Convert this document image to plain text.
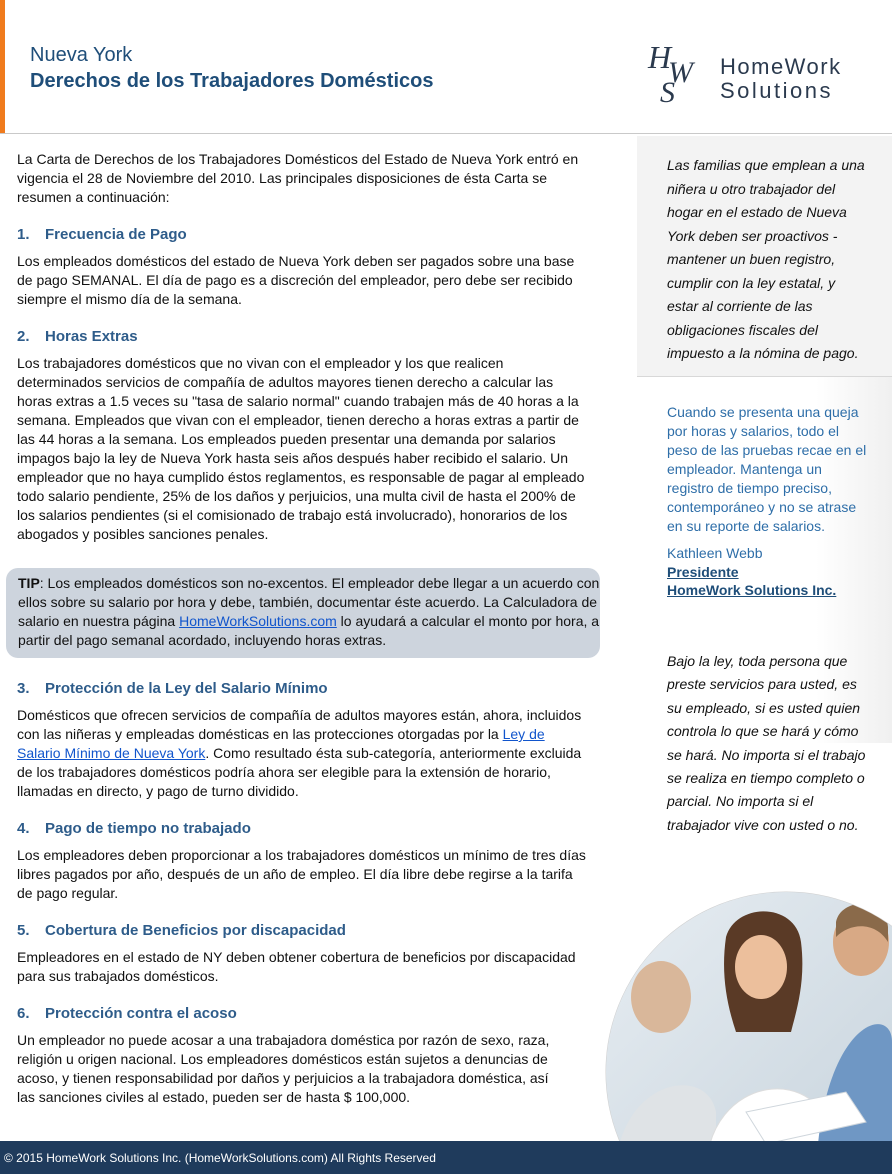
Nueva York
Derechos de los Trabajadores Domésticos
H
W
S
HomeWork
Solutions

La Carta de Derechos de los Trabajadores Domésticos del Estado de Nueva York entró en vigencia el 28 de Noviembre del 2010. Las principales disposiciones de ésta Carta se resumen a continuación:

1. Frecuencia de Pago

Los empleados domésticos del estado de Nueva York deben ser pagados sobre una base de pago SEMANAL. El día de pago es a discreción del empleador, pero debe ser recibido siempre el mismo día de la semana.

2. Horas Extras

Los trabajadores domésticos que no vivan con el empleador y los que realicen determinados servicios de compañía de adultos mayores tienen derecho a calcular las horas extras a 1.5 veces su "tasa de salario normal" cuando trabajen más de 40 horas a la semana. Empleados que vivan con el empleador, tienen derecho a horas extras a partir de las 44 horas a la semana. Los empleados pueden presentar una demanda por salarios impagos bajo la ley de Nueva York hasta seis años después haber recibido el salario. Un empleador que no haya cumplido éstos reglamentos, es responsable de pagar al empleado todo salario pendiente, 25% de los daños y perjuicios, una multa civil de hasta el 200% de los salarios pendientes (si el comisionado de trabajo está involucrado), honorarios de los abogados y posibles sanciones penales.

3. Protección de la Ley del Salario Mínimo

Domésticos que ofrecen servicios de compañía de adultos mayores están, ahora, incluidos con las niñeras y empleadas domésticas en las protecciones otorgadas por la Ley de Salario Mínimo de Nueva York. Como resultado ésta sub-categoría, anteriormente excluida de los trabajadores domésticos podría ahora ser elegible para la extensión de horario, llamadas en directo, y pago de turno dividido.

4. Pago de tiempo no trabajado

Los empleadores deben proporcionar a los trabajadores domésticos un mínimo de tres días libres pagados por año, después de un año de empleo. El día libre debe regirse a la tarifa de pago regular.

5. Cobertura de Beneficios por discapacidad

Empleadores en el estado de NY deben obtener cobertura de beneficios por discapacidad para sus trabajados domésticos.

6. Protección contra el acoso

Un empleador no puede acosar a una trabajadora doméstica por razón de sexo, raza, religión u origen nacional. Los empleadores domésticos están sujetos a denuncias de acoso, y tienen responsabilidad por daños y perjuicios a la trabajadora doméstica, así las sanciones civiles al estado, pueden ser de hasta $ 100,000.

TIP: Los empleados domésticos son no-excentos. El empleador debe llegar a un acuerdo con ellos sobre su salario por hora y debe, también, documentar éste acuerdo. La Calculadora de salario en nuestra página HomeWorkSolutions.com lo ayudará a calcular el monto por hora, a partir del pago semanal acordado, incluyendo horas extras.
Las familias que emplean a una niñera u otro trabajador del hogar en el estado de Nueva York deben ser proactivos - mantener un buen registro, cumplir con la ley estatal, y estar al corriente de las obligaciones fiscales del impuesto a la nómina de pago.
Cuando se presenta una queja por horas y salarios, todo el peso de las pruebas recae en el empleador. Mantenga un registro de tiempo preciso, contemporáneo y no se atrase en su reporte de salarios.
Kathleen Webb
Presidente
HomeWork Solutions Inc.
Bajo la ley, toda persona que preste servicios para usted, es su empleado, si es usted quien controla lo que se hará y cómo se hará. No importa si el trabajo se realiza en tiempo completo o parcial. No importa si el trabajador vive con usted o no.
© 2015 HomeWork Solutions Inc. (HomeWorkSolutions.com) All Rights Reserved
